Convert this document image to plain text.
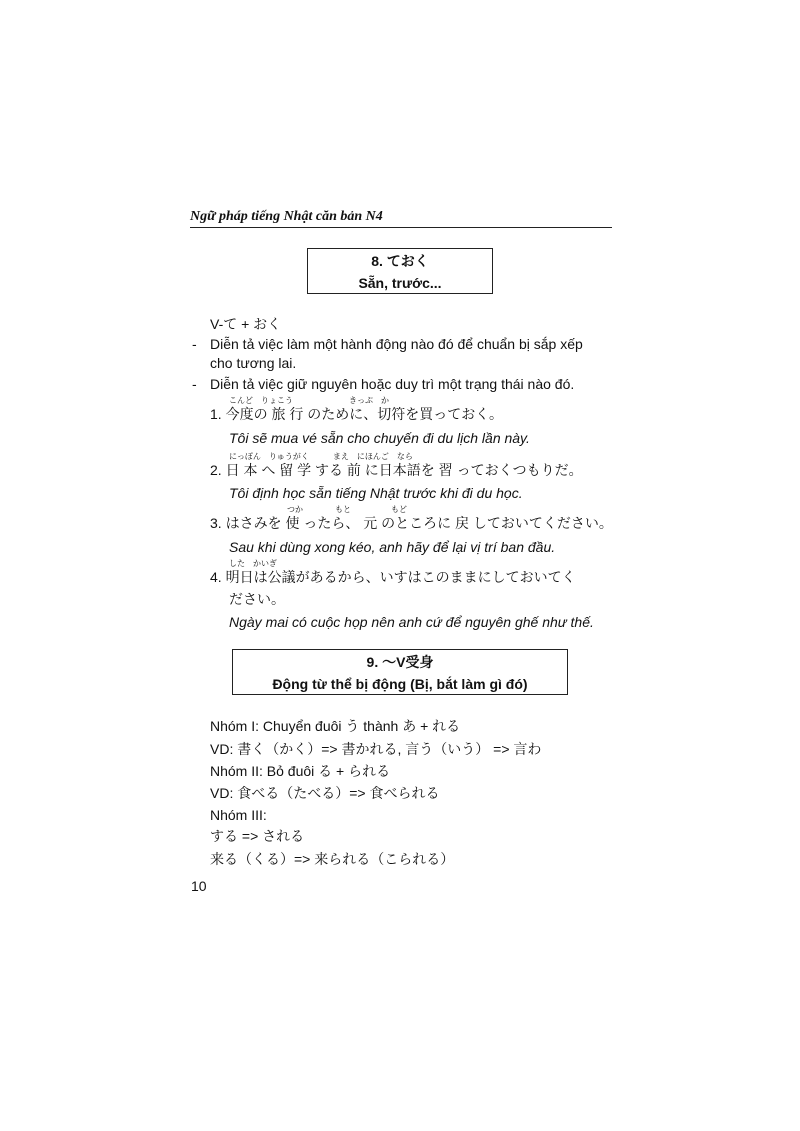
Ngữ pháp tiếng Nhật căn bản N4
8. ておく
Sẵn, trước...
V-て + おく
- Diễn tả việc làm một hành động nào đó để chuẩn bị sắp xếp
cho tương lai.
- Diễn tả việc giữ nguyên hoặc duy trì một trạng thái nào đó.
こんど　りょこう　　　　　　　きっぷ　か
1. 今度の 旅 行 のために、切符を買っておく。
Tôi sẽ mua vé sẵn cho chuyến đi du lịch lần này.
にっぽん　りゅうがく　　　まえ　にほんご　なら
2. 日 本 へ 留 学 する 前 に日本語を 習 っておくつもりだ。
Tôi định học sẵn tiếng Nhật trước khi đi du học.
つか　　　　もと　　　　　もど
3. はさみを 使 ったら、 元 のところに 戻 しておいてください。
Sau khi dùng xong kéo, anh hãy để lại vị trí ban đầu.
した　かいぎ
4. 明日は公議があるから、いすはこのままにしておいてく
ださい。
Ngày mai có cuộc họp nên anh cứ để nguyên ghế như thế.
9. ～V受身
Động từ thể bị động (Bị, bắt làm gì đó)
Nhóm I: Chuyển đuôi う thành あ + れる
VD: 書く（かく）=> 書かれる, 言う（いう） => 言わ
Nhóm II: Bỏ đuôi る + られる
VD: 食べる（たべる）=> 食べられる
Nhóm III:
する => される
来る（くる）=> 来られる（こられる）
10
